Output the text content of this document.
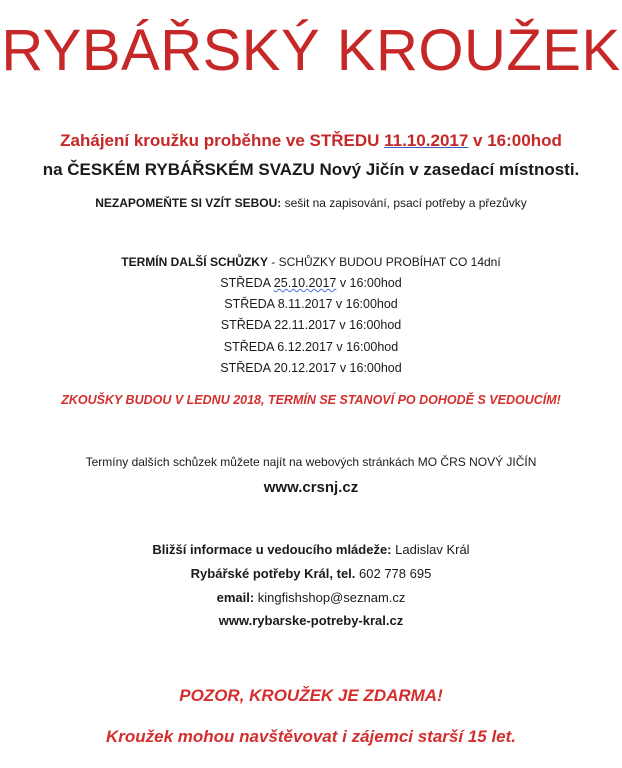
RYBÁŘSKÝ KROUŽEK
Zahájení kroužku proběhne ve STŘEDU 11.10.2017 v 16:00hod
na ČESKÉM RYBÁŘSKÉM SVAZU Nový Jičín v zasedací místnosti.
NEZAPOMEŇTE SI VZÍT SEBOU: sešit na zapisování, psací potřeby a přezůvky
TERMÍN DALŠÍ SCHŮZKY - SCHŮZKY BUDOU PROBÍHAT CO 14dní
STŘEDA 25.10.2017 v 16:00hod
STŘEDA 8.11.2017 v 16:00hod
STŘEDA 22.11.2017 v 16:00hod
STŘEDA 6.12.2017 v 16:00hod
STŘEDA 20.12.2017 v 16:00hod
ZKOUŠKY BUDOU V LEDNU 2018, TERMÍN SE STANOVÍ PO DOHODĚ S VEDOUCÍM!
Termíny dalších schůzek můžete najít na webových stránkách MO ČRS NOVÝ JIČÍN
www.crsnj.cz
Bližší informace u vedoucího mládeže: Ladislav Král
Rybářské potřeby Král, tel. 602 778 695
email: kingfishshop@seznam.cz
www.rybarske-potreby-kral.cz
POZOR, KROUŽEK JE ZDARMA!
Kroužek mohou navštěvovat i zájemci starší 15 let.
